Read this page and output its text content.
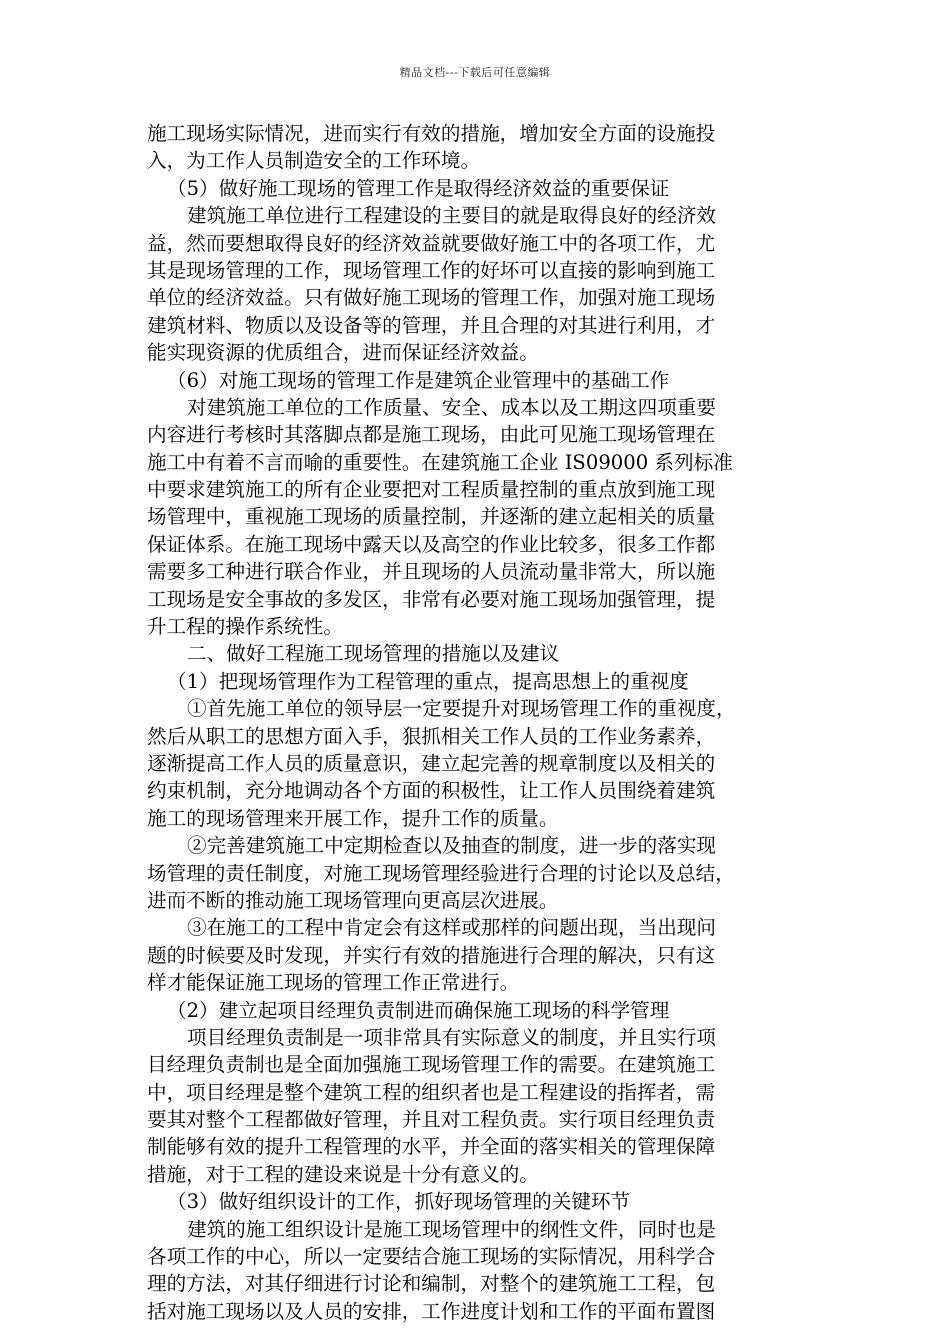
精品文档---下载后可任意编辑
施工现场实际情况，进而实行有效的措施，增加安全方面的设施投
入，为工作人员制造安全的工作环境。
（5）做好施工现场的管理工作是取得经济效益的重要保证
建筑施工单位进行工程建设的主要目的就是取得良好的经济效
益，然而要想取得良好的经济效益就要做好施工中的各项工作，尤
其是现场管理的工作，现场管理工作的好坏可以直接的影响到施工
单位的经济效益。只有做好施工现场的管理工作，加强对施工现场
建筑材料、物质以及设备等的管理，并且合理的对其进行利用，才
能实现资源的优质组合，进而保证经济效益。
（6）对施工现场的管理工作是建筑企业管理中的基础工作
对建筑施工单位的工作质量、安全、成本以及工期这四项重要
内容进行考核时其落脚点都是施工现场，由此可见施工现场管理在
施工中有着不言而喻的重要性。在建筑施工企业 IS09000 系列标准
中要求建筑施工的所有企业要把对工程质量控制的重点放到施工现
场管理中，重视施工现场的质量控制，并逐渐的建立起相关的质量
保证体系。在施工现场中露天以及高空的作业比较多，很多工作都
需要多工种进行联合作业，并且现场的人员流动量非常大，所以施
工现场是安全事故的多发区，非常有必要对施工现场加强管理，提
升工程的操作系统性。
二、做好工程施工现场管理的措施以及建议
（1）把现场管理作为工程管理的重点，提高思想上的重视度
①首先施工单位的领导层一定要提升对现场管理工作的重视度，
然后从职工的思想方面入手，狠抓相关工作人员的工作业务素养，
逐渐提高工作人员的质量意识，建立起完善的规章制度以及相关的
约束机制，充分地调动各个方面的积极性，让工作人员围绕着建筑
施工的现场管理来开展工作，提升工作的质量。
②完善建筑施工中定期检查以及抽查的制度，进一步的落实现
场管理的责任制度，对施工现场管理经验进行合理的讨论以及总结，
进而不断的推动施工现场管理向更高层次进展。
③在施工的工程中肯定会有这样或那样的问题出现，当出现问
题的时候要及时发现，并实行有效的措施进行合理的解决，只有这
样才能保证施工现场的管理工作正常进行。
（2）建立起项目经理负责制进而确保施工现场的科学管理
项目经理负责制是一项非常具有实际意义的制度，并且实行项
目经理负责制也是全面加强施工现场管理工作的需要。在建筑施工
中，项目经理是整个建筑工程的组织者也是工程建设的指挥者，需
要其对整个工程都做好管理，并且对工程负责。实行项目经理负责
制能够有效的提升工程管理的水平，并全面的落实相关的管理保障
措施，对于工程的建设来说是十分有意义的。
（3）做好组织设计的工作，抓好现场管理的关键环节
建筑的施工组织设计是施工现场管理中的纲性文件，同时也是
各项工作的中心，所以一定要结合施工现场的实际情况，用科学合
理的方法，对其仔细进行讨论和编制，对整个的建筑施工工程，包
括对施工现场以及人员的安排，工作进度计划和工作的平面布置图
